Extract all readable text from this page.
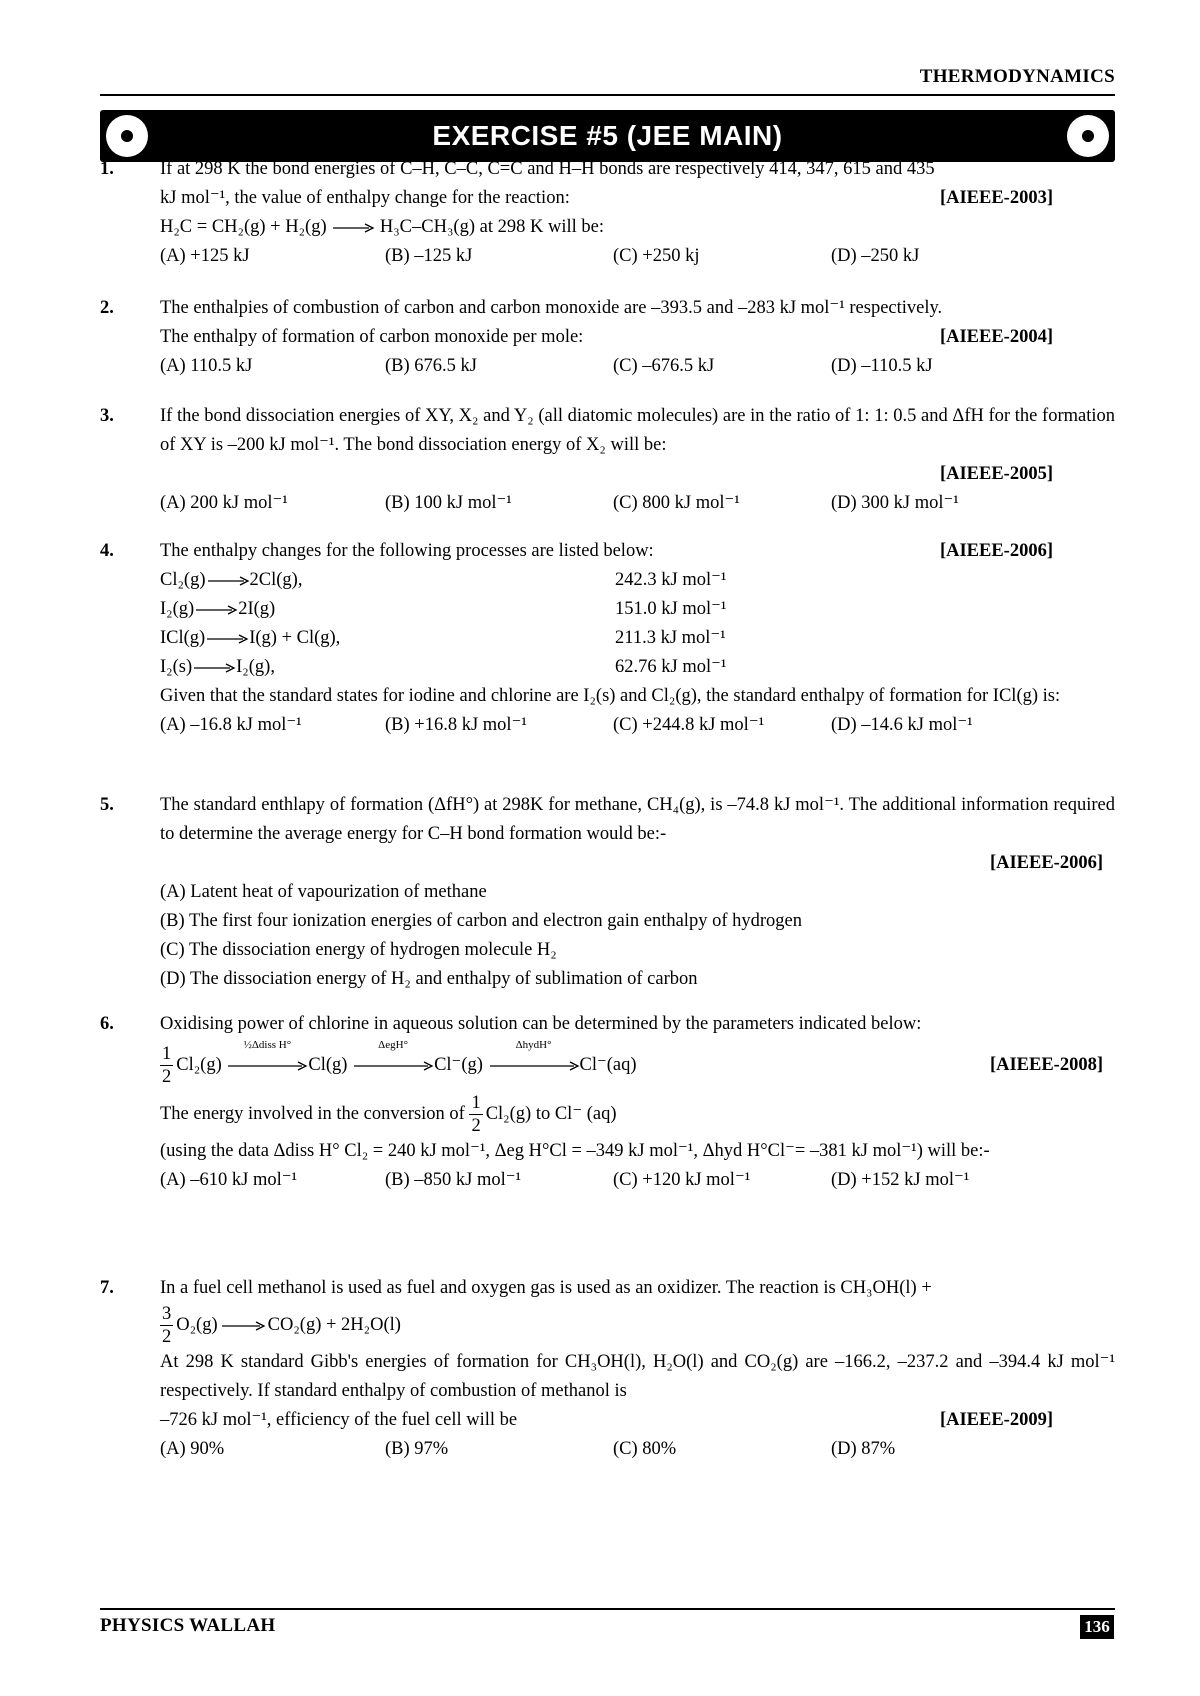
THERMODYNAMICS
EXERCISE #5 (JEE MAIN)
1. If at 298 K the bond energies of C–H, C–C, C=C and H–H bonds are respectively 414, 347, 615 and 435
kJ mol⁻¹, the value of enthalpy change for the reaction:	[AIEEE-2003]
H₂C = CH₂(g) + H₂(g) → H₃C–CH₃(g) at 298 K will be:
(A) +125 kJ	(B) –125 kJ	(C) +250 kj	(D) –250 kJ
2. The enthalpies of combustion of carbon and carbon monoxide are –393.5 and –283 kJ mol⁻¹ respectively.
The enthalpy of formation of carbon monoxide per mole:	[AIEEE-2004]
(A) 110.5 kJ	(B) 676.5 kJ	(C) –676.5 kJ	(D) –110.5 kJ
3. If the bond dissociation energies of XY, X₂ and Y₂ (all diatomic molecules) are in the ratio of 1: 1: 0.5 and ΔfH for the formation of XY is –200 kJ mol⁻¹. The bond dissociation energy of X₂ will be:
[AIEEE-2005]
(A) 200 kJ mol⁻¹	(B) 100 kJ mol⁻¹	(C) 800 kJ mol⁻¹	(D) 300 kJ mol⁻¹
4. The enthalpy changes for the following processes are listed below:	[AIEEE-2006]
Cl₂(g)→2Cl(g),	242.3 kJ mol⁻¹
I₂(g)→2I(g)	151.0 kJ mol⁻¹
ICl(g)→I(g) + Cl(g),	211.3 kJ mol⁻¹
I₂(s)→I₂(g),	62.76 kJ mol⁻¹
Given that the standard states for iodine and chlorine are I₂(s) and Cl₂(g), the standard enthalpy of formation for ICl(g) is:
(A) –16.8 kJ mol⁻¹	(B) +16.8 kJ mol⁻¹	(C) +244.8 kJ mol⁻¹	(D) –14.6 kJ mol⁻¹
5. The standard enthlapy of formation (ΔfH°) at 298K for methane, CH₄(g), is –74.8 kJ mol⁻¹. The additional information required to determine the average energy for C–H bond formation would be:-
[AIEEE-2006]
(A) Latent heat of vapourization of methane
(B) The first four ionization energies of carbon and electron gain enthalpy of hydrogen
(C) The dissociation energy of hydrogen molecule H₂
(D) The dissociation energy of H₂ and enthalpy of sublimation of carbon
6. Oxidising power of chlorine in aqueous solution can be determined by the parameters indicated below:
$\frac{1}{2} Cl_2(g)$
½Δdiss H°
Cl(g)
ΔegH°
Cl⁻(g)
ΔhydH°
Cl⁻(aq)	[AIEEE-2008]
The energy involved in the conversion of
$\frac{1}{2} Cl_2(g)$ to Cl⁻ (aq)
(using the data Δdiss H° Cl₂ = 240 kJ mol⁻¹, Δeg H°Cl = –349 kJ mol⁻¹, Δhyd H°Cl⁻= –381 kJ mol⁻¹) will be:-
(A) –610 kJ mol⁻¹	(B) –850 kJ mol⁻¹	(C) +120 kJ mol⁻¹	(D) +152 kJ mol⁻¹
7. In a fuel cell methanol is used as fuel and oxygen gas is used as an oxidizer. The reaction is CH₃OH(l) +
$\frac{3}{2} O_2(g) \to CO_2(g) + 2H_2O(l)$
At 298 K standard Gibb's energies of formation for CH₃OH(l), H₂O(l) and CO₂(g) are –166.2, –237.2 and –394.4 kJ mol⁻¹ respectively. If standard enthalpy of combustion of methanol is
–726 kJ mol⁻¹, efficiency of the fuel cell will be	[AIEEE-2009]
(A) 90%	(B) 97%	(C) 80%	(D) 87%
PHYSICS WALLAH	136
